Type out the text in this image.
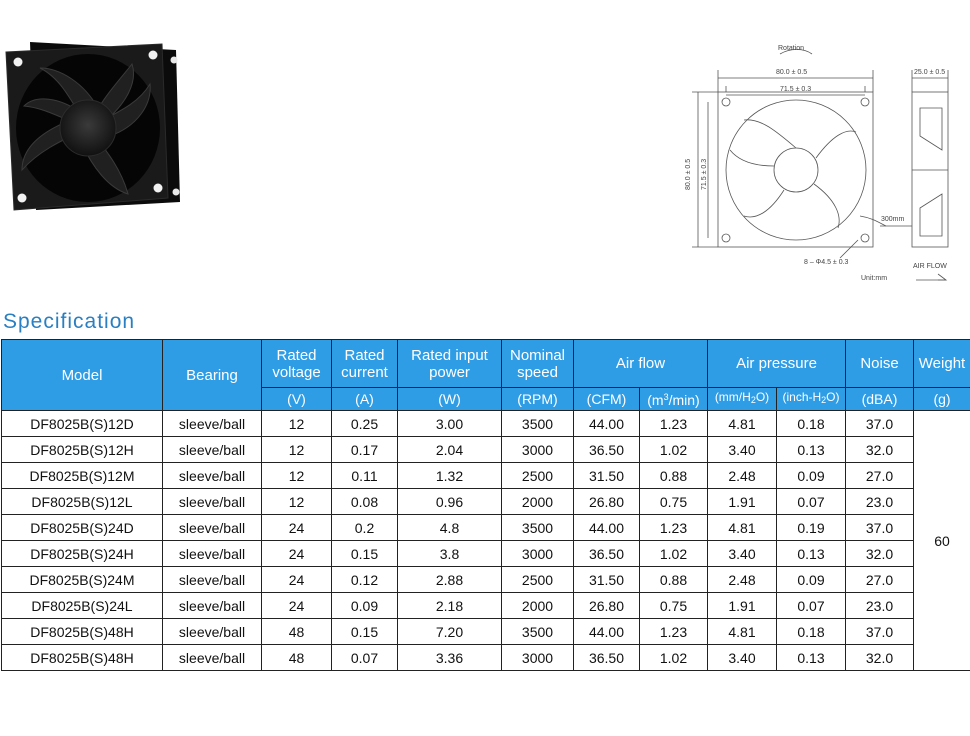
Rotation
80.0 ± 0.5
71.5 ± 0.3
25.0 ± 0.5
300mm
8 – Φ4.5 ± 0.3
Unit:mm
AIR FLOW
80.0 ± 0.5 71.5 ± 0.3
Specification
Model	Bearing	Rated voltage	Rated current	Rated input power	Nominal speed	Air flow		Air pressure		Noise	Weight
		(V)	(A)	(W)	(RPM)	(CFM)	$(m^3/\min)$	$(mm/H_2O)$	$(inch-H_2O)$	(dBA)	(g)
DF8025B(S)12D	sleeve/ball	12	0.25	3.00	3500	44.00	1.23	4.81	0.18	37.0	60
DF8025B(S)12H	sleeve/ball	12	0.17	2.04	3000	36.50	1.02	3.40	0.13	32.0	
DF8025B(S)12M	sleeve/ball	12	0.11	1.32	2500	31.50	0.88	2.48	0.09	27.0	
DF8025B(S)12L	sleeve/ball	12	0.08	0.96	2000	26.80	0.75	1.91	0.07	23.0	
DF8025B(S)24D	sleeve/ball	24	0.2	4.8	3500	44.00	1.23	4.81	0.19	37.0	
DF8025B(S)24H	sleeve/ball	24	0.15	3.8	3000	36.50	1.02	3.40	0.13	32.0	
DF8025B(S)24M	sleeve/ball	24	0.12	2.88	2500	31.50	0.88	2.48	0.09	27.0	
DF8025B(S)24L	sleeve/ball	24	0.09	2.18	2000	26.80	0.75	1.91	0.07	23.0	
DF8025B(S)48H	sleeve/ball	48	0.15	7.20	3500	44.00	1.23	4.81	0.18	37.0	
DF8025B(S)48H	sleeve/ball	48	0.07	3.36	3000	36.50	1.02	3.40	0.13	32.0	
